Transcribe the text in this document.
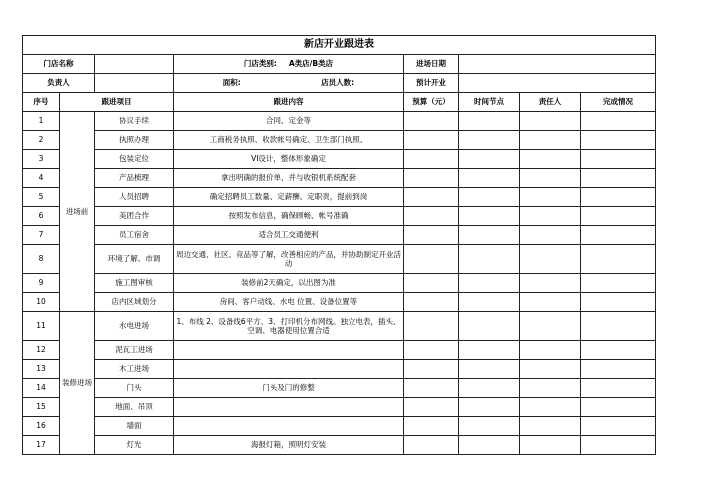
新店开业跟进表							
门店名称			门店类别: A类店/B类店	进场日期			
负责人			面积: 店员人数:	预计开业			
序号	跟进项目		跟进内容	预算（元）	时间节点	责任人	完成情况
1	进场前	协议手续	合同、定金等				
2		执照办理	工商税务执照、收款帐号确定、卫生部门执照、				
3		包装定位	VI设计，整体形象确定				
4		产品梳理	拿出明确的报价单，并与收银机系统配套				
5		人员招聘	确定招聘员工数量、定薪酬、定职责，提前到岗				
6		美团合作	按照发布信息，确保顾畅、帐号准确				
7		员工宿舍	适合员工交通便利				
8		环境了解、市调	周边交通、社区、竞品等了解，改善相应的产品，并协助制定开业活动				
9		施工图审核	装修前2天确定，以出图为准				
10		店内区域划分	房间、客户动线、水电 位置、设备位置等				
11	装修进场	水电进场	1、布线 2、设备线6平方、3、打印机分布网线。独立电表，插头、空调、电器使用位置合适				
12		泥瓦工进场					
13		木工进场					
14		门头	门头及门的修整				
15		地面、吊顶					
16		墙面					
17		灯光	海报灯箱，照明灯安装				
